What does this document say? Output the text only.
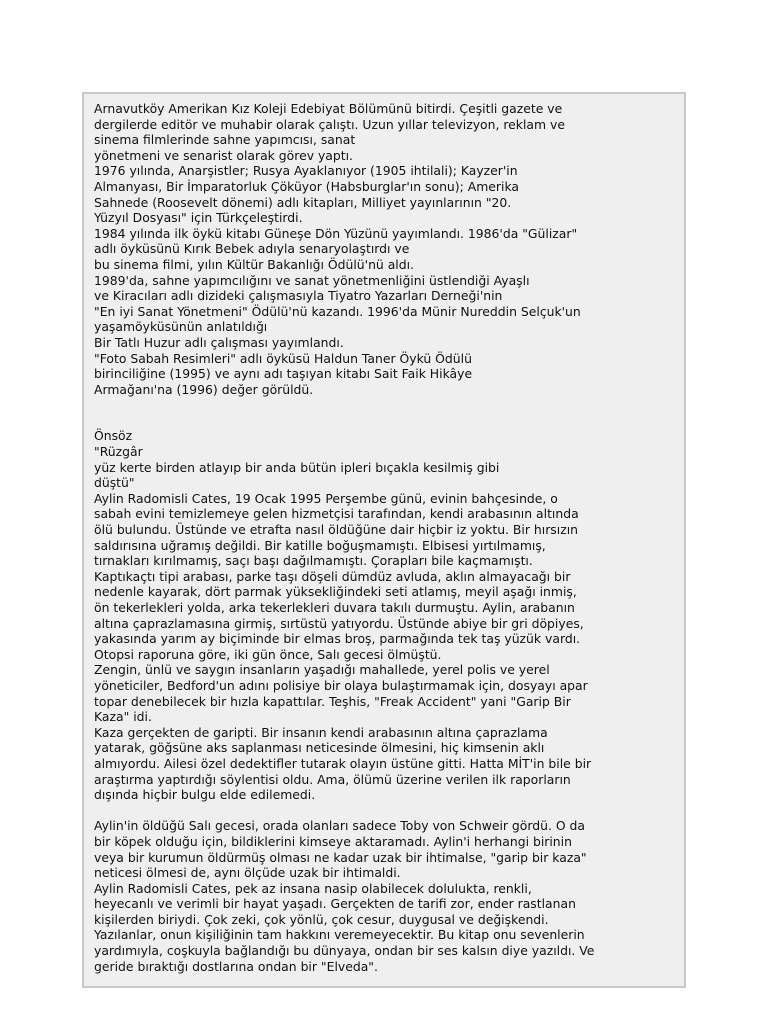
Arnavutköy Amerikan Kız Koleji Edebiyat Bölümünü bitirdi. Çeşitli gazete ve

dergilerde editör ve muhabir olarak çalıştı. Uzun yıllar televizyon, reklam ve

sinema filmlerinde sahne yapımcısı, sanat

yönetmeni ve senarist olarak görev yaptı.

1976 yılında, Anarşistler; Rusya Ayaklanıyor (1905 ihtilali); Kayzer'in

Almanyası, Bir İmparatorluk Çöküyor (Habsburglar'ın sonu); Amerika

Sahnede (Roosevelt dönemi) adlı kitapları, Milliyet yayınlarının "20.

Yüzyıl Dosyası" için Türkçeleştirdi.

1984 yılında ilk öykü kitabı Güneşe Dön Yüzünü yayımlandı. 1986'da "Gülizar"

adlı öyküsünü Kırık Bebek adıyla senaryolaştırdı ve

bu sinema filmi, yılın Kültür Bakanlığı Ödülü'nü aldı.

1989'da, sahne yapımcılığını ve sanat yönetmenliğini üstlendiği Ayaşlı

ve Kiracıları adlı dizideki çalışmasıyla Tiyatro Yazarları Derneği'nin

"En iyi Sanat Yönetmeni" Ödülü'nü kazandı. 1996'da Münir Nureddin Selçuk'un

yaşamöyküsünün anlatıldığı

Bir Tatlı Huzur adlı çalışması yayımlandı.

"Foto Sabah Resimleri" adlı öyküsü Haldun Taner Öykü Ödülü

birinciliğine (1995) ve aynı adı taşıyan kitabı Sait Faik Hikâye

Armağanı'na (1996) değer görüldü.

Önsöz

"Rüzgâr

yüz kerte birden atlayıp bir anda bütün ipleri bıçakla kesilmiş gibi

düştü"

Aylin Radomisli Cates, 19 Ocak 1995 Perşembe günü, evinin bahçesinde, o

sabah evini temizlemeye gelen hizmetçisi tarafından, kendi arabasının altında

ölü bulundu. Üstünde ve etrafta nasıl öldüğüne dair hiçbir iz yoktu. Bir hırsızın

saldırısına uğramış değildi. Bir katille boğuşmamıştı. Elbisesi yırtılmamış,

tırnakları kırılmamış, saçı başı dağılmamıştı. Çorapları bile kaçmamıştı.

Kaptıkaçtı tipi arabası, parke taşı döşeli dümdüz avluda, aklın almayacağı bir

nedenle kayarak, dört parmak yüksekliğindeki seti atlamış, meyil aşağı inmiş,

ön tekerlekleri yolda, arka tekerlekleri duvara takılı durmuştu. Aylin, arabanın

altına çaprazlamasına girmiş, sırtüstü yatıyordu. Üstünde abiye bir gri döpiyes,

yakasında yarım ay biçiminde bir elmas broş, parmağında tek taş yüzük vardı.

Otopsi raporuna göre, iki gün önce, Salı gecesi ölmüştü.

Zengin, ünlü ve saygın insanların yaşadığı mahallede, yerel polis ve yerel

yöneticiler, Bedford'un adını polisiye bir olaya bulaştırmamak için, dosyayı apar

topar denebilecek bir hızla kapattılar. Teşhis, "Freak Accident" yani "Garip Bir

Kaza" idi.

Kaza gerçekten de garipti. Bir insanın kendi arabasının altına çaprazlama

yatarak, göğsüne aks saplanması neticesinde ölmesini, hiç kimsenin aklı

almıyordu. Ailesi özel dedektifler tutarak olayın üstüne gitti. Hatta MİT'in bile bir

araştırma yaptırdığı söylentisi oldu. Ama, ölümü üzerine verilen ilk raporların

dışında hiçbir bulgu elde edilemedi.

Aylin'in öldüğü Salı gecesi, orada olanları sadece Toby von Schweir gördü. O da

bir köpek olduğu için, bildiklerini kimseye aktaramadı. Aylin'i herhangi birinin

veya bir kurumun öldürmüş olması ne kadar uzak bir ihtimalse, "garip bir kaza"

neticesi ölmesi de, aynı ölçüde uzak bir ihtimaldi.

Aylin Radomisli Cates, pek az insana nasip olabilecek dolulukta, renkli,

heyecanlı ve verimli bir hayat yaşadı. Gerçekten de tarifi zor, ender rastlanan

kişilerden biriydi. Çok zeki, çok yönlü, çok cesur, duygusal ve değişkendi.

Yazılanlar, onun kişiliğinin tam hakkını veremeyecektir. Bu kitap onu sevenlerin

yardımıyla, coşkuyla bağlandığı bu dünyaya, ondan bir ses kalsın diye yazıldı. Ve

geride bıraktığı dostlarına ondan bir "Elveda".
